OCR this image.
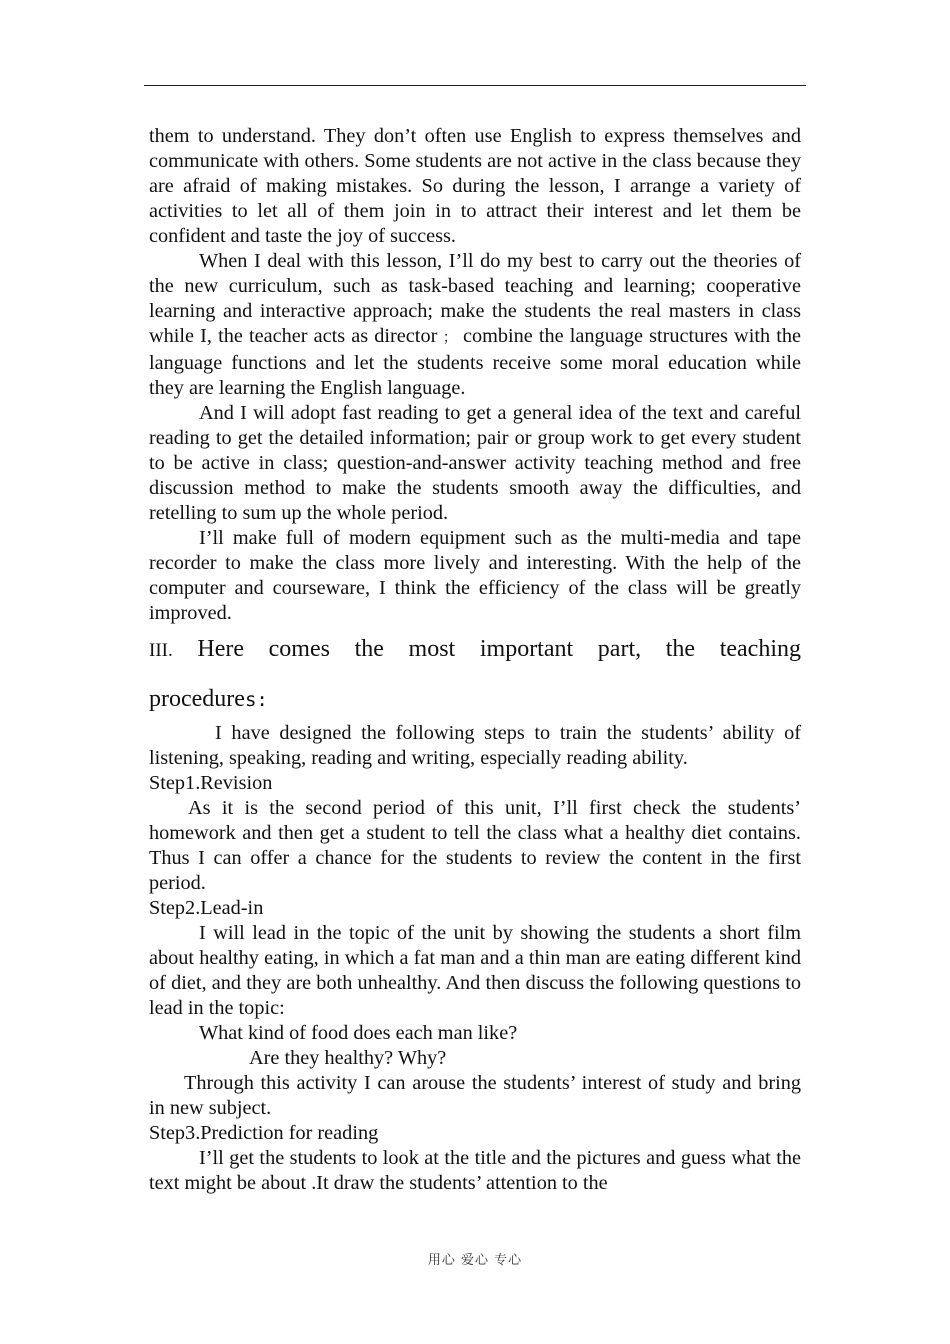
them to understand. They don’t often use English to express themselves and communicate with others. Some students are not active in the class because they are afraid of making mistakes. So during the lesson, I arrange a variety of activities to let all of them join in to attract their interest and let them be confident and taste the joy of success.

When I deal with this lesson, I’ll do my best to carry out the theories of the new curriculum, such as task-based teaching and learning; cooperative learning and interactive approach; make the students the real masters in class while I, the teacher acts as director ； combine the language structures with the language functions and let the students receive some moral education while they are learning the English language.

And I will adopt fast reading to get a general idea of the text and careful reading to get the detailed information; pair or group work to get every student to be active in class; question-and-answer activity teaching method and free discussion method to make the students smooth away the difficulties, and retelling to sum up the whole period.

I’ll make full of modern equipment such as the multi-media and tape recorder to make the class more lively and interesting. With the help of the computer and courseware, I think the efficiency of the class will be greatly improved.

III. Here comes the most important part, the teaching

procedures:

I have designed the following steps to train the students’ ability of listening, speaking, reading and writing, especially reading ability.

Step1.Revision

As it is the second period of this unit, I’ll first check the students’ homework and then get a student to tell the class what a healthy diet contains. Thus I can offer a chance for the students to review the content in the first period.

Step2.Lead-in

I will lead in the topic of the unit by showing the students a short film about healthy eating, in which a fat man and a thin man are eating different kind of diet, and they are both unhealthy. And then discuss the following questions to lead in the topic:

What kind of food does each man like?

Are they healthy? Why?

Through this activity I can arouse the students’ interest of study and bring in new subject.

Step3.Prediction for reading

I’ll get the students to look at the title and the pictures and guess what the text might be about .It draw the students’ attention to the

用心 爱心 专心
